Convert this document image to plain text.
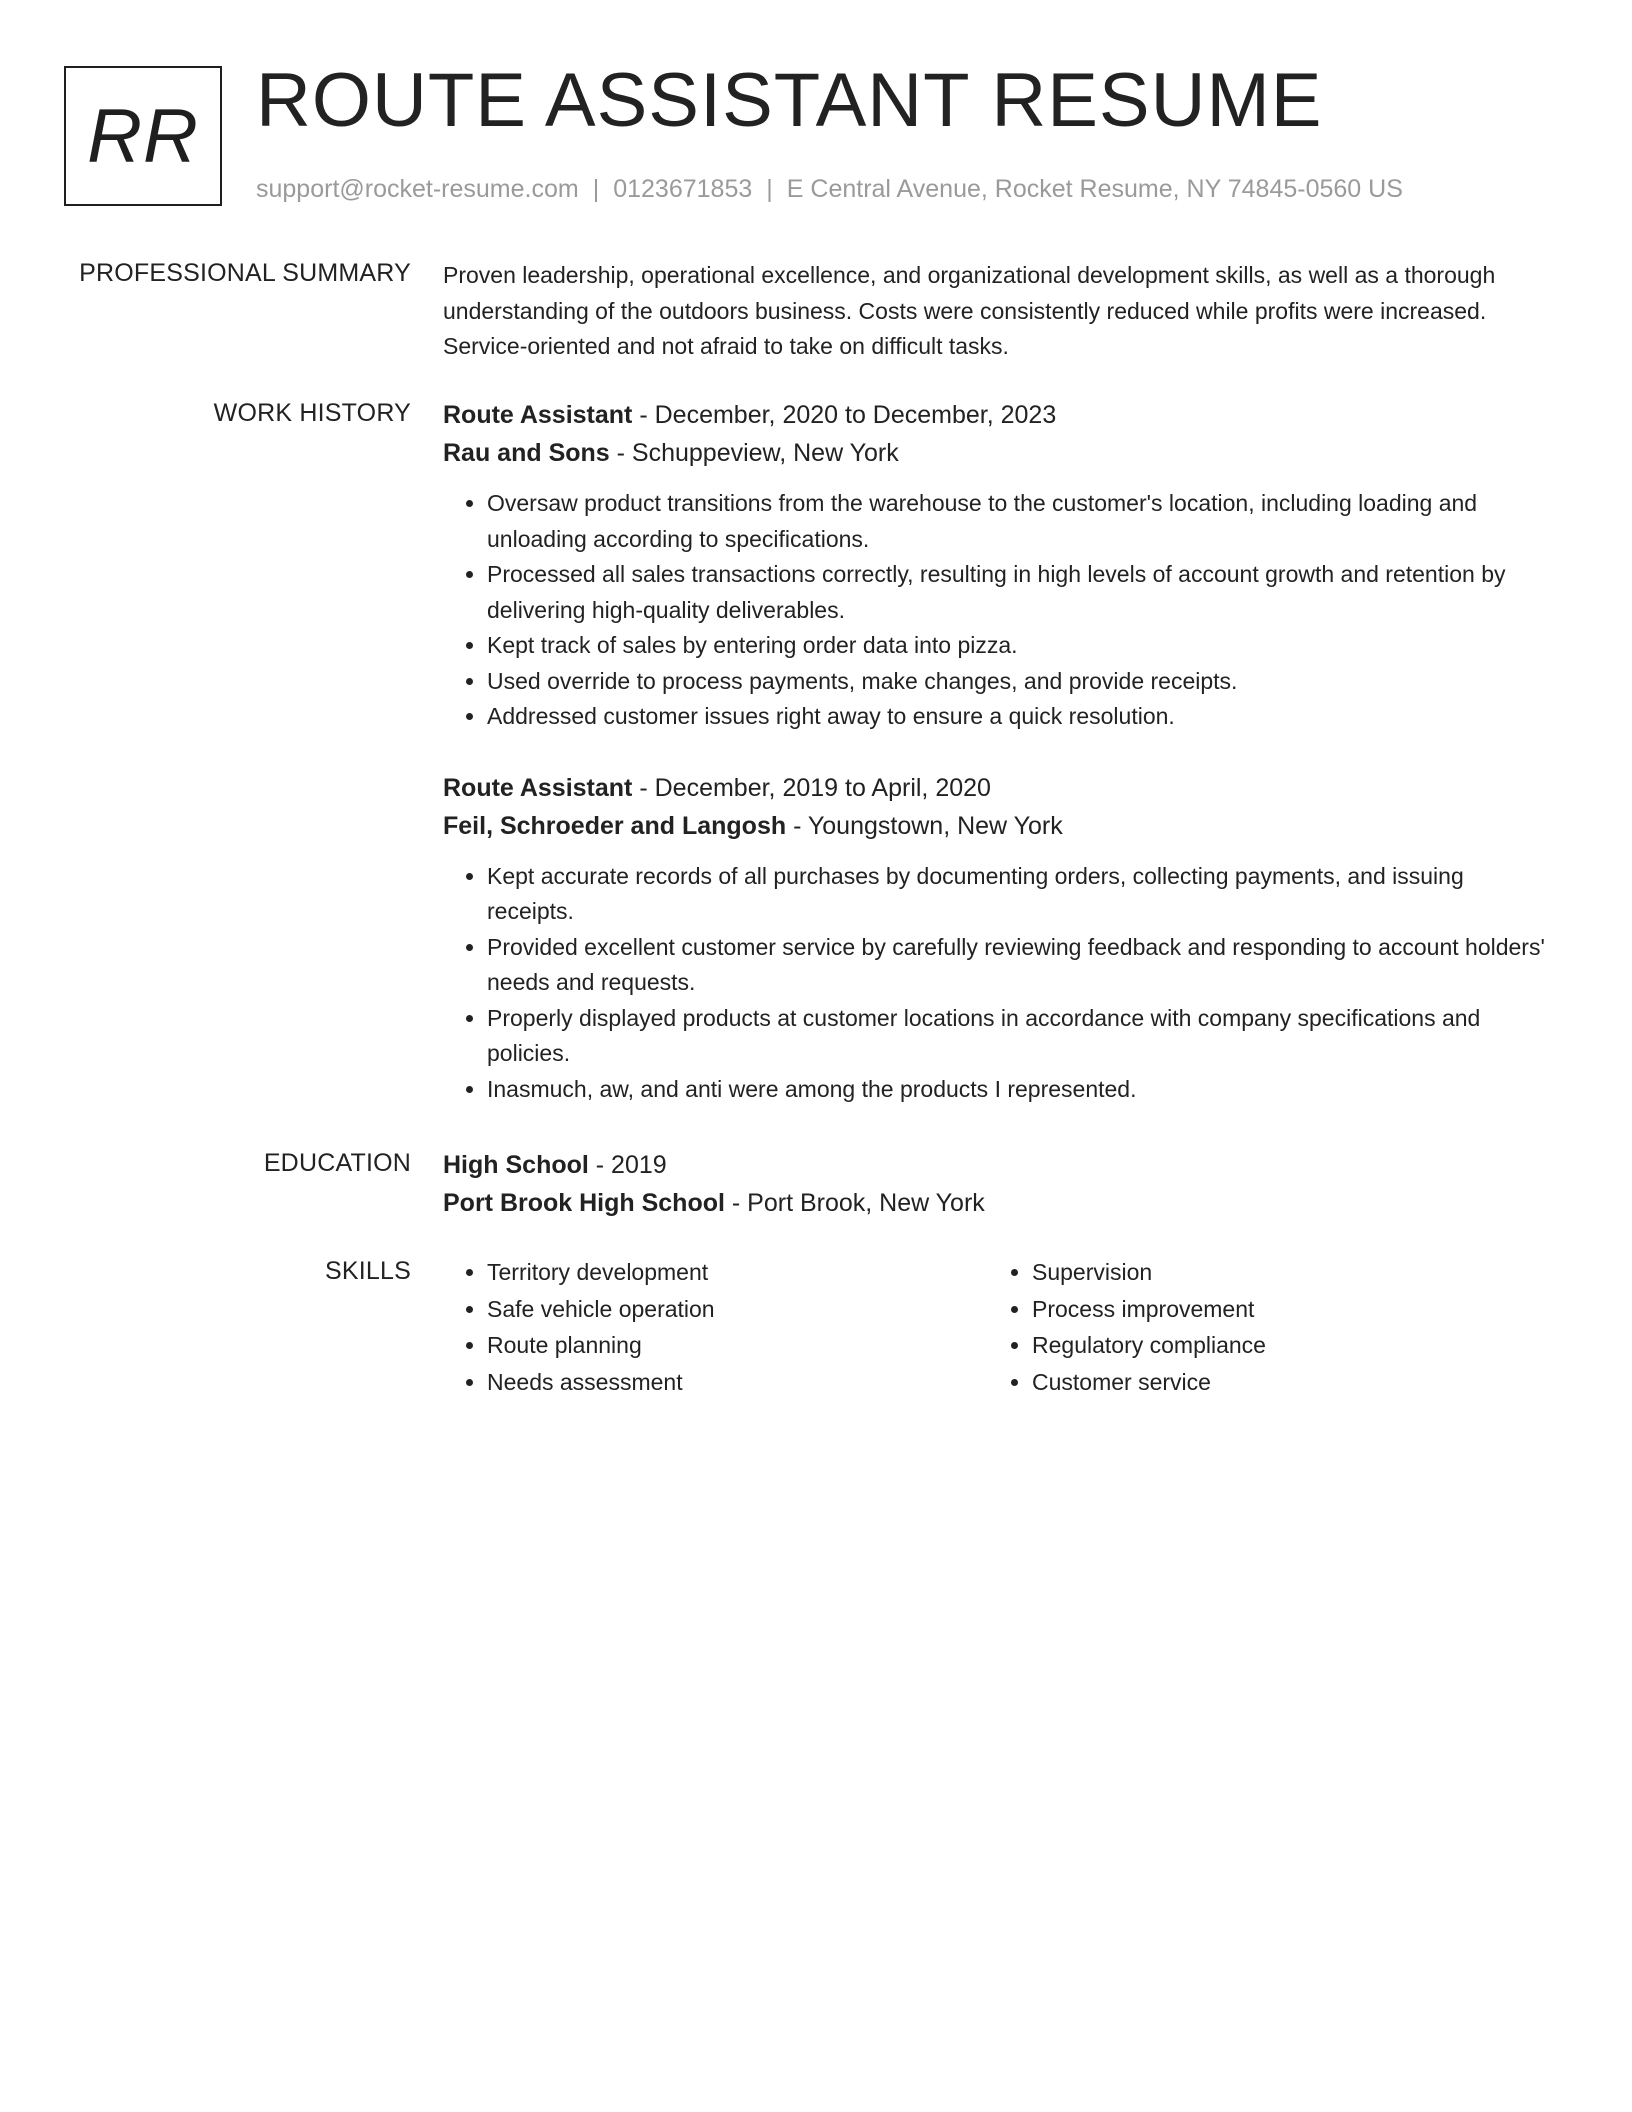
RR ROUTE ASSISTANT RESUME
support@rocket-resume.com | 0123671853 | E Central Avenue, Rocket Resume, NY 74845-0560 US
PROFESSIONAL SUMMARY Proven leadership, operational excellence, and organizational development skills, as well as a thorough understanding of the outdoors business. Costs were consistently reduced while profits were increased. Service-oriented and not afraid to take on difficult tasks.

WORK HISTORY Route Assistant - December, 2020 to December, 2023
Rau and Sons - Schuppeview, New York
• Oversaw product transitions from the warehouse to the customer's location, including loading and unloading according to specifications.
• Processed all sales transactions correctly, resulting in high levels of account growth and retention by delivering high-quality deliverables.
• Kept track of sales by entering order data into pizza.
• Used override to process payments, make changes, and provide receipts.
• Addressed customer issues right away to ensure a quick resolution.
Route Assistant - December, 2019 to April, 2020
Feil, Schroeder and Langosh - Youngstown, New York
• Kept accurate records of all purchases by documenting orders, collecting payments, and issuing receipts.
• Provided excellent customer service by carefully reviewing feedback and responding to account holders' needs and requests.
• Properly displayed products at customer locations in accordance with company specifications and policies.
• Inasmuch, aw, and anti were among the products I represented.
EDUCATION High School - 2019
Port Brook High School - Port Brook, New York
SKILLS
•	Territory development
• Safe vehicle operation
• Route planning
• Needs assessment
• Supervision
• Process improvement
• Regulatory compliance
• Customer service
